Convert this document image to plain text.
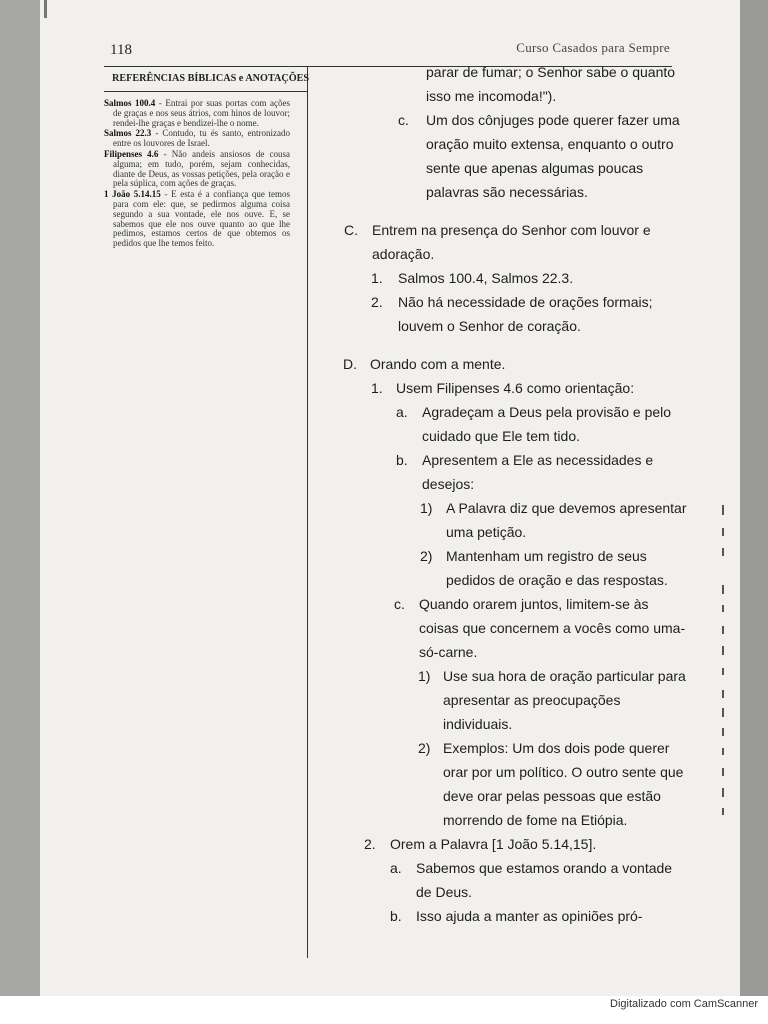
118	Curso Casados para Sempre
REFERÊNCIAS BÍBLICAS e ANOTAÇÕES

Salmos 100.4 - Entrai por suas portas com ações de graças e nos seus átrios, com hinos de louvor; rendei-lhe graças e bendizei-lhe o nome.

Salmos 22.3 - Contudo, tu és santo, entronizado entre os louvores de Israel.

Filipenses 4.6 - Não andeis ansiosos de cousa alguma; em tudo, porém, sejam conhecidas, diante de Deus, as vossas petições, pela oração e pela súplica, com ações de graças.

1 João 5.14.15 - E esta é a confiança que temos para com ele: que, se pedirmos alguma coisa segundo a sua vontade, ele nos ouve. E, se sabemos que ele nos ouve quanto ao que lhe pedimos, estamos certos de que obtemos os pedidos que lhe temos feito.

parar de fumar; o Senhor sabe o quanto isso me incomoda!").

c. Um dos cônjuges pode querer fazer uma oração muito extensa, enquanto o outro sente que apenas algumas poucas palavras são necessárias.

C. Entrem na presença do Senhor com louvor e adoração.

1. Salmos 100.4, Salmos 22.3.

2. Não há necessidade de orações formais; louvem o Senhor de coração.

D. Orando com a mente.

1. Usem Filipenses 4.6 como orientação:

a. Agradeçam a Deus pela provisão e pelo cuidado que Ele tem tido.

b. Apresentem a Ele as necessidades e desejos:

1) A Palavra diz que devemos apresentar uma petição.

2) Mantenham um registro de seus pedidos de oração e das respostas.

c. Quando orarem juntos, limitem-se às coisas que concernem a vocês como uma-só-carne.

1) Use sua hora de oração particular para apresentar as preocupações individuais.

2) Exemplos: Um dos dois pode querer orar por um político. O outro sente que deve orar pelas pessoas que estão morrendo de fome na Etiópia.

2. Orem a Palavra [1 João 5.14,15].

a. Sabemos que estamos orando a vontade de Deus.

b. Isso ajuda a manter as opiniões pró-

Digitalizado com CamScanner
